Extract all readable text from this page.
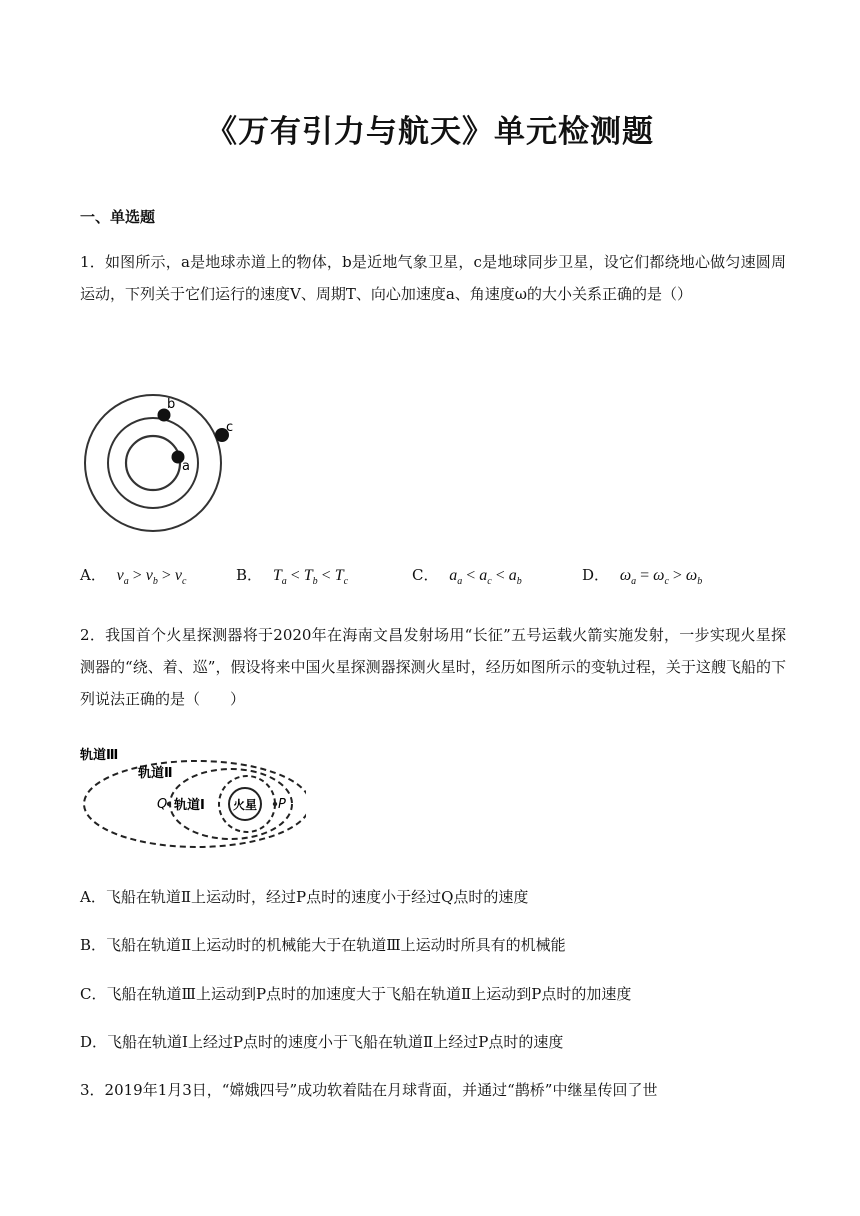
《万有引力与航天》单元检测题
一、单选题
1．如图所示，a是地球赤道上的物体，b是近地气象卫星，c是地球同步卫星，设它们都绕地心做匀速圆周运动，下列关于它们运行的速度V、周期T、向心加速度a、角速度ω的大小关系正确的是（）
b
c
a
A． $v_a > v_b > v_c$	B． $T_a < T_b < T_c$	C． $a_a < a_c < a_b$	D． $\omega_a = \omega_c > \omega_b$
2．我国首个火星探测器将于2020年在海南文昌发射场用“长征”五号运载火箭实施发射，一步实现火星探测器的“绕、着、巡”，假设将来中国火星探测器探测火星时，经历如图所示的变轨过程，关于这艘飞船的下列说法正确的是（　　）
火星
轨道Ⅲ
轨道Ⅱ
轨道Ⅰ
Q	P
A．飞船在轨道Ⅱ上运动时，经过P点时的速度小于经过Q点时的速度
B．飞船在轨道Ⅱ上运动时的机械能大于在轨道Ⅲ上运动时所具有的机械能
C．飞船在轨道Ⅲ上运动到P点时的加速度大于飞船在轨道Ⅱ上运动到P点时的加速度
D．飞船在轨道Ⅰ上经过P点时的速度小于飞船在轨道Ⅱ上经过P点时的速度
3．2019年1月3日，“嫦娥四号”成功软着陆在月球背面，并通过“鹊桥”中继星传回了世
